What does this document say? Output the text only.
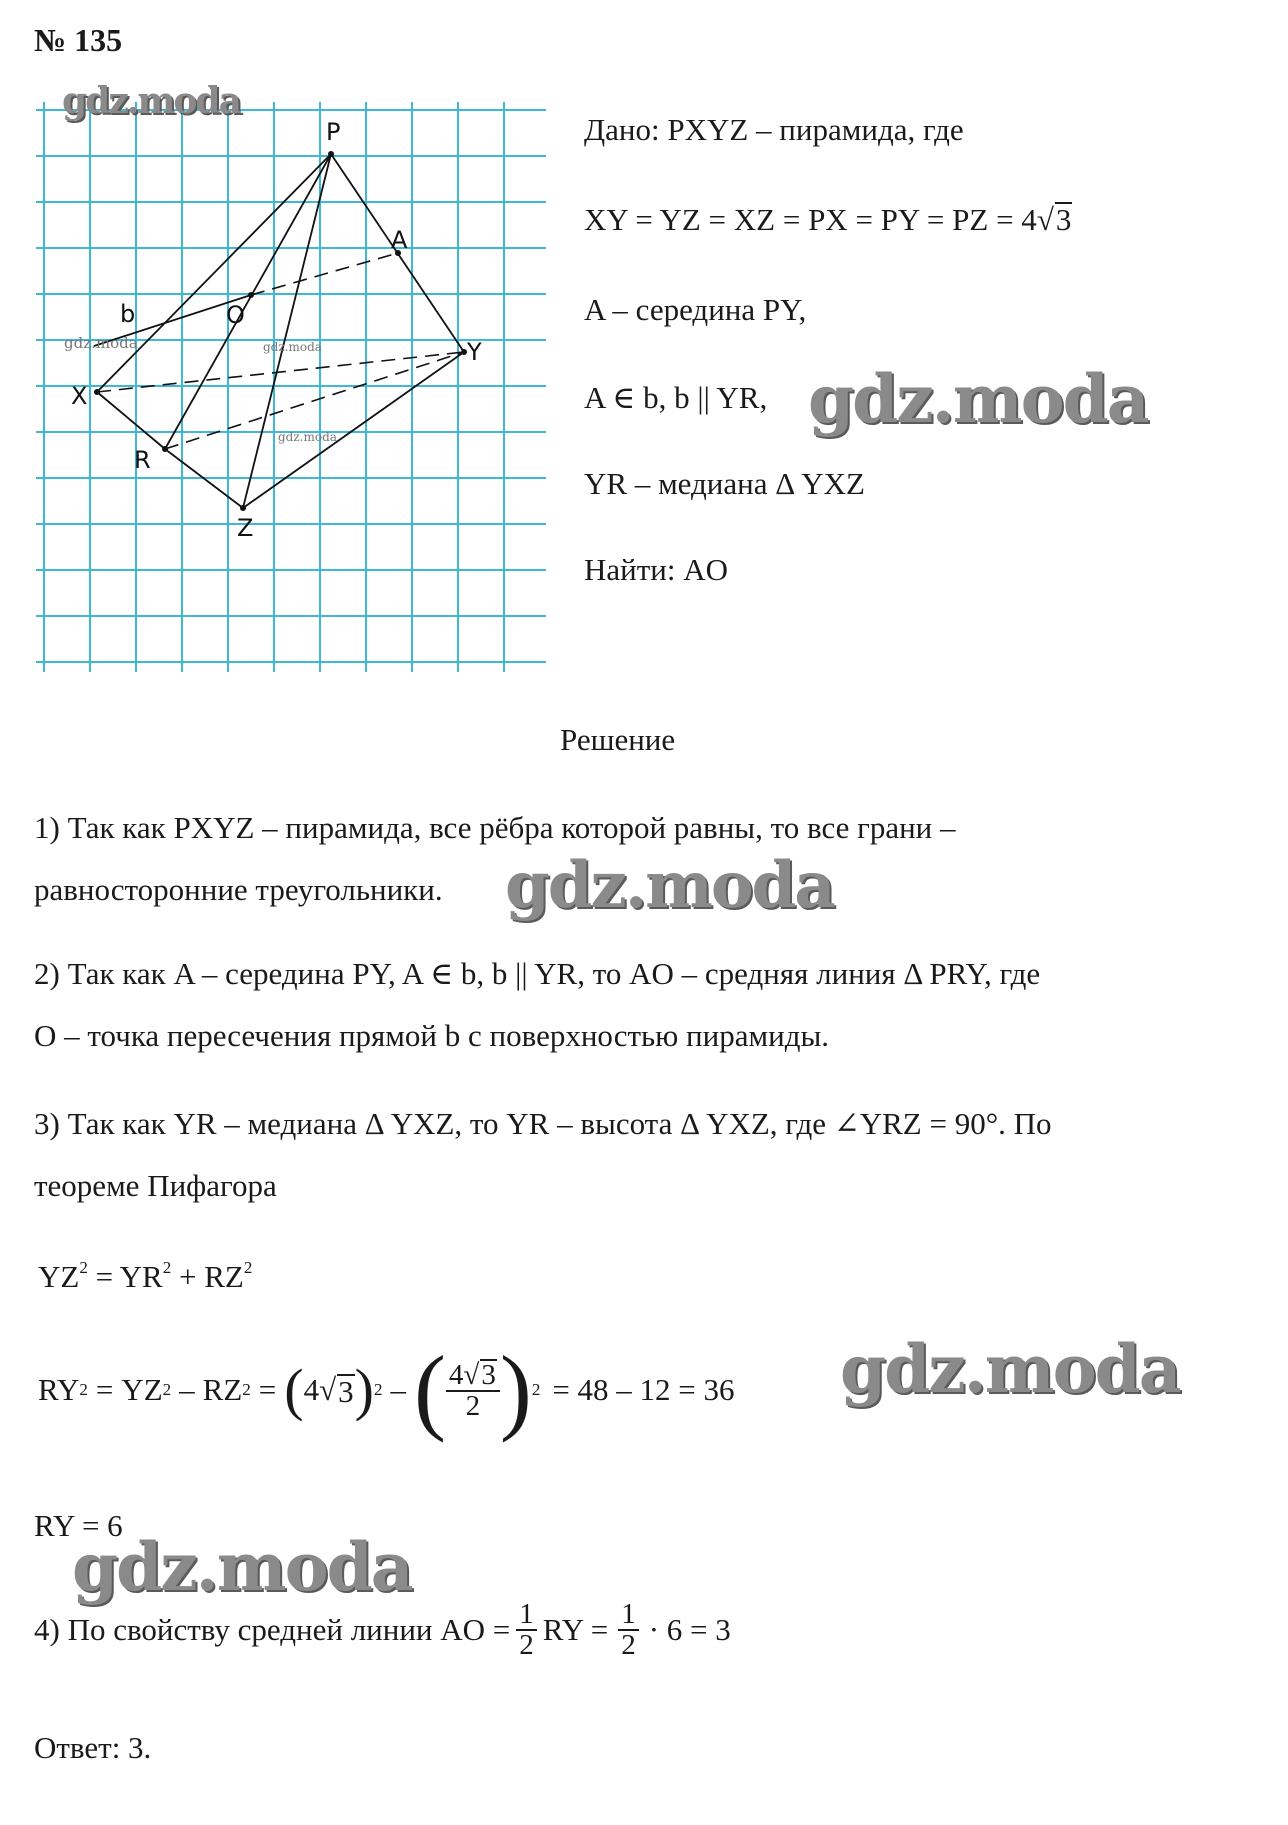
№ 135
P
A
b	O
Y
X
R
Z
gdz.moda
gdz.moda	gdz.moda
gdz.moda	gdz.moda
gdz.moda
gdz.moda
gdz.moda
Дано: PXYZ – пирамида, где
XY = YZ = XZ = PX = PY = PZ = 4√3
A – середина PY,
A ∈ b, b || YR,
YR – медиана Δ YXZ
Найти: AO
Решение
1) Так как PXYZ – пирамида, все рёбра которой равны, то все грани –
равносторонние треугольники.
2) Так как A – середина PY, A ∈ b, b || YR, то AO – средняя линия Δ PRY, где
O – точка пересечения прямой b с поверхностью пирамиды.
3) Так как YR – медиана Δ YXZ, то YR – высота Δ YXZ, где ∠YRZ = 90°. По
теореме Пифагора
$YZ^2 = YR^2 + RZ^2$
RY 2 = YZ 2 – RZ 2 = ( 4 √ 3 ) 2 – ( $\frac{4√3}{2}$ ) 2 = 48 – 12 = 36
RY = 6
4) По свойству средней линии AO = $\frac{1}{2}$ RY = $\frac{1}{2} \cdot 6 = 3$
Ответ: 3.
